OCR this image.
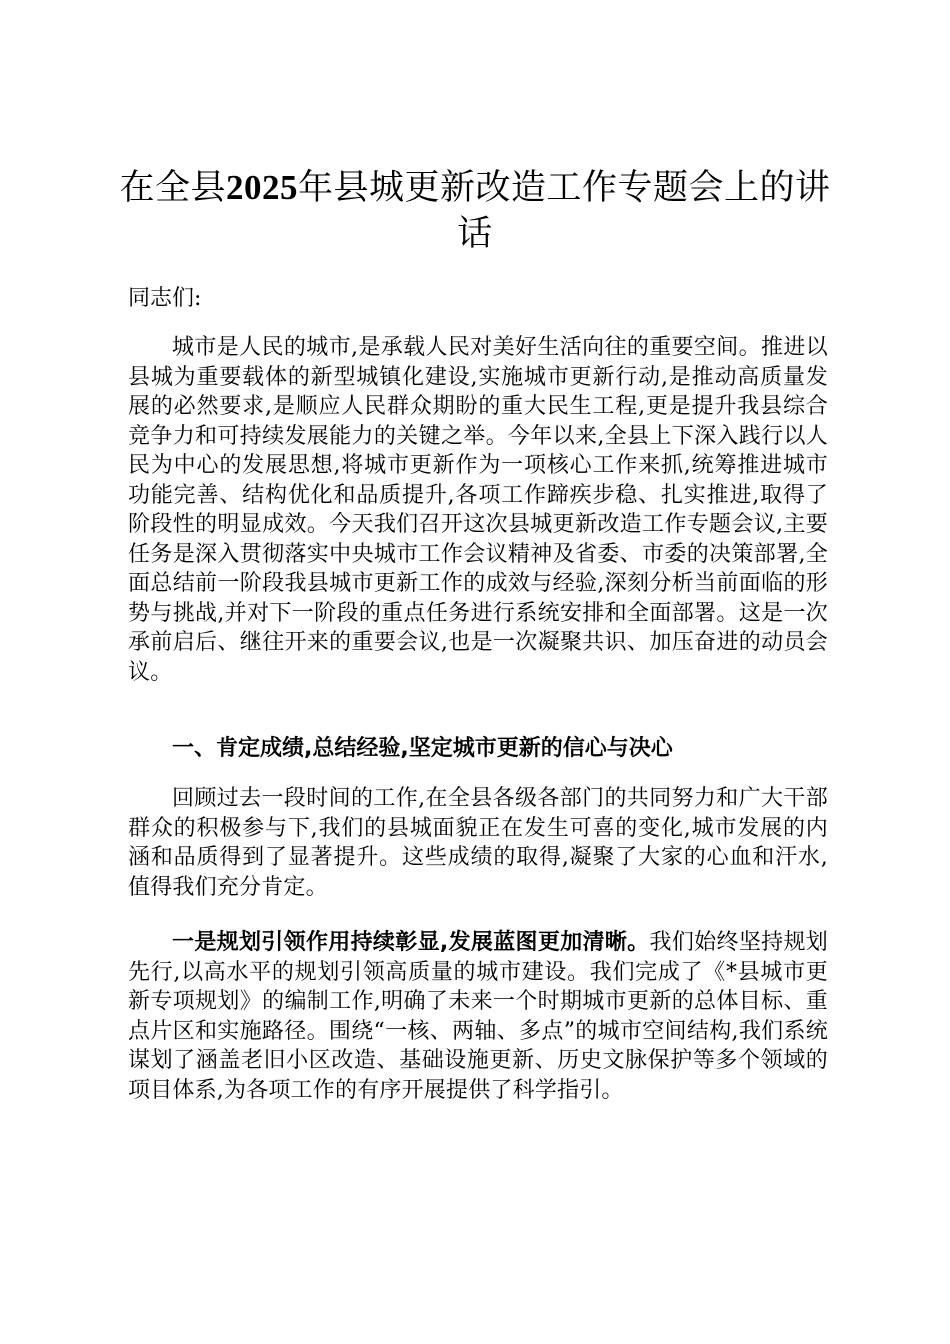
在全县2025年县城更新改造工作专题会上的讲话

同志们:

城市是人民的城市,是承载人民对美好生活向往的重要空间。推进以县城为重要载体的新型城镇化建设,实施城市更新行动,是推动高质量发展的必然要求,是顺应人民群众期盼的重大民生工程,更是提升我县综合竞争力和可持续发展能力的关键之举。今年以来,全县上下深入践行以人民为中心的发展思想,将城市更新作为一项核心工作来抓,统筹推进城市功能完善、结构优化和品质提升,各项工作蹄疾步稳、扎实推进,取得了阶段性的明显成效。今天我们召开这次县城更新改造工作专题会议,主要任务是深入贯彻落实中央城市工作会议精神及省委、市委的决策部署,全面总结前一阶段我县城市更新工作的成效与经验,深刻分析当前面临的形势与挑战,并对下一阶段的重点任务进行系统安排和全面部署。这是一次承前启后、继往开来的重要会议,也是一次凝聚共识、加压奋进的动员会议。

一、肯定成绩,总结经验,坚定城市更新的信心与决心

回顾过去一段时间的工作,在全县各级各部门的共同努力和广大干部群众的积极参与下,我们的县城面貌正在发生可喜的变化,城市发展的内涵和品质得到了显著提升。这些成绩的取得,凝聚了大家的心血和汗水,值得我们充分肯定。

一是规划引领作用持续彰显,发展蓝图更加清晰。我们始终坚持规划先行,以高水平的规划引领高质量的城市建设。我们完成了《*县城市更新专项规划》的编制工作,明确了未来一个时期城市更新的总体目标、重点片区和实施路径。围绕“一核、两轴、多点”的城市空间结构,我们系统谋划了涵盖老旧小区改造、基础设施更新、历史文脉保护等多个领域的项目体系,为各项工作的有序开展提供了科学指引。
